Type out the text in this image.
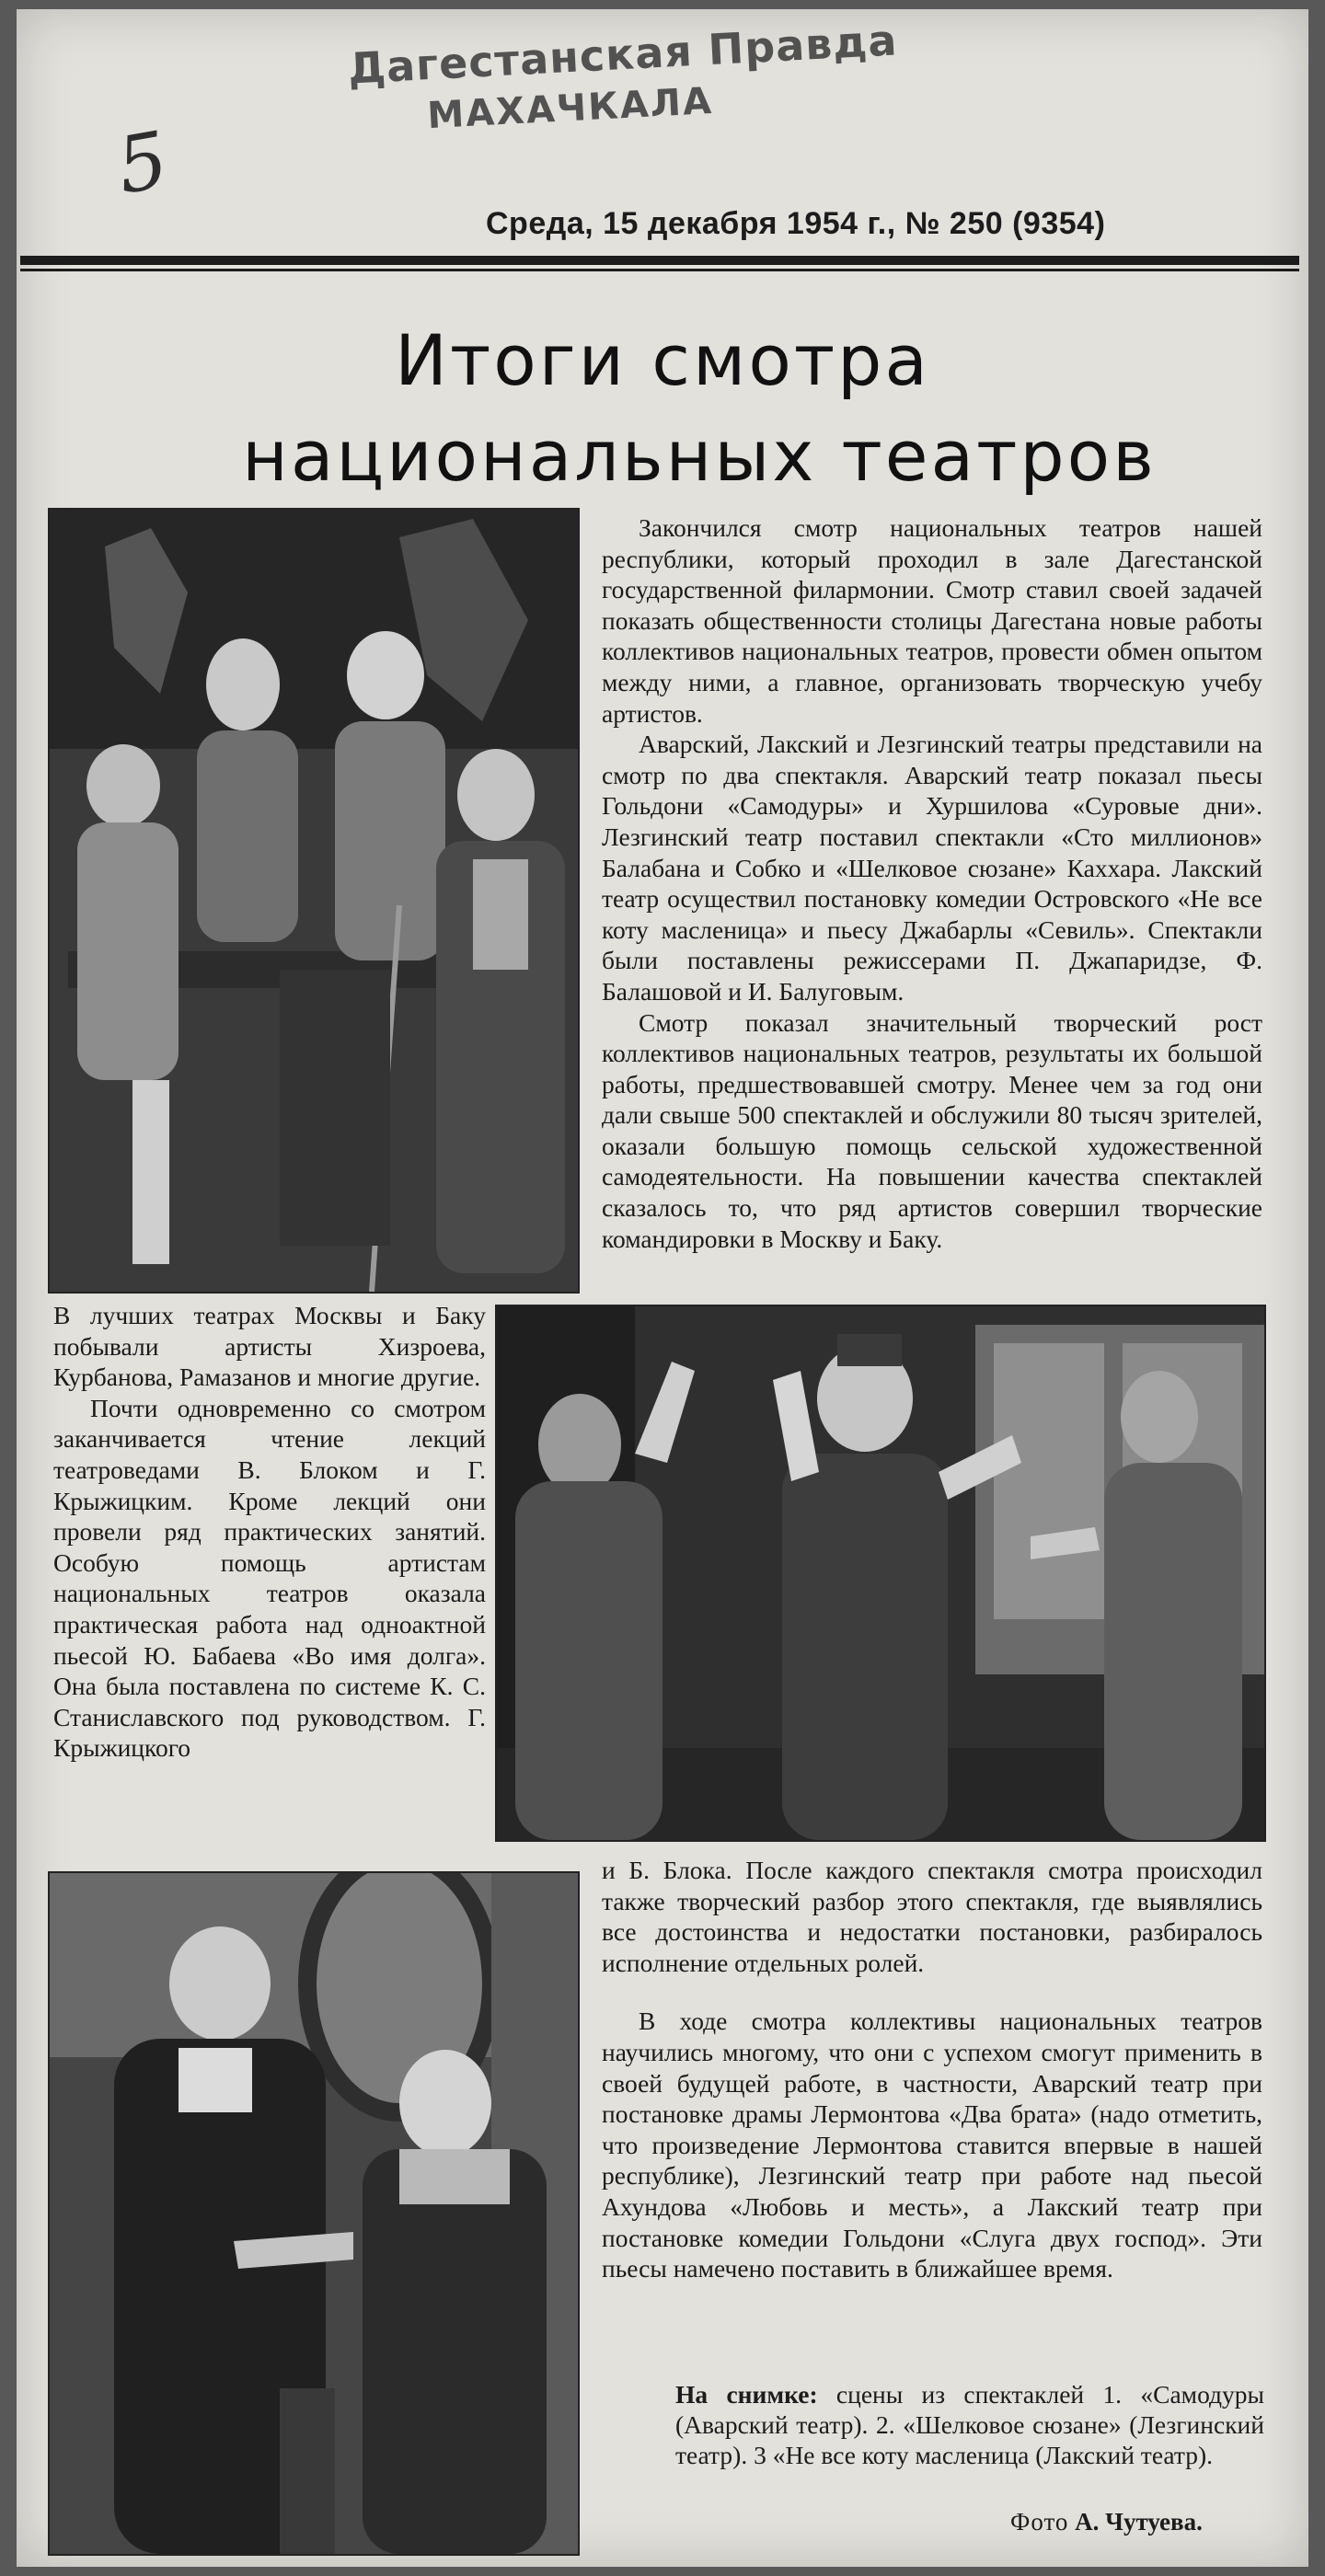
Дагестанская Правда
МАХАЧКАЛА
5
Среда, 15 декабря 1954 г., № 250 (9354)
Итоги смотра
национальных театров

Закончился смотр национальных театров нашей республики, который проходил в зале Дагестанской государственной филармонии. Смотр ставил своей задачей показать общественности столицы Дагестана новые работы коллективов национальных театров, провести обмен опытом между ними, а главное, организовать творческую учебу артистов.

Аварский, Лакский и Лезгинский театры представили на смотр по два спектакля. Аварский театр показал пьесы Гольдони «Самодуры» и Хуршилова «Суровые дни». Лезгинский театр поставил спектакли «Сто миллионов» Балабана и Собко и «Шелковое сюзане» Каххара. Лакский театр осуществил постановку комедии Островского «Не все коту масленица» и пьесу Джабарлы «Севиль». Спектакли были поставлены режиссерами П. Джапаридзе, Ф. Балашовой и И. Балуговым.

Смотр показал значительный творческий рост коллективов национальных театров, результаты их большой работы, предшествовавшей смотру. Менее чем за год они дали свыше 500 спектаклей и обслужили 80 тысяч зрителей, оказали большую помощь сельской художественной самодеятельности. На повышении качества спектаклей сказалось то, что ряд артистов совершил творческие командировки в Москву и Баку.

В лучших театрах Москвы и Баку побывали артисты Хизроева, Курбанова, Рамазанов и многие другие.

Почти одновременно со смотром заканчивается чтение лекций театроведами В. Блоком и Г. Крыжицким. Кроме лекций они провели ряд практических занятий. Особую помощь артистам национальных театров оказала практическая работа над одноактной пьесой Ю. Бабаева «Во имя долга». Она была поставлена по системе К. С. Станиславского под руководством. Г. Крыжицкого

и Б. Блока. После каждого спектакля смотра происходил также творческий разбор этого спектакля, где выявлялись все достоинства и недостатки постановки, разбиралось исполнение отдельных ролей.

В ходе смотра коллективы национальных театров научились многому, что они с успехом смогут применить в своей будущей работе, в частности, Аварский театр при постановке драмы Лермонтова «Два брата» (надо отметить, что произведение Лермонтова ставится впервые в нашей республике), Лезгинский театр при работе над пьесой Ахундова «Любовь и месть», а Лакский театр при постановке комедии Гольдони «Слуга двух господ». Эти пьесы намечено поставить в ближайшее время.

На снимке: сцены из спектаклей 1. «Самодуры (Аварский театр). 2. «Шелковое сюзане» (Лезгинский театр). 3 «Не все коту масленица (Лакский театр).
Фото А. Чутуева.
